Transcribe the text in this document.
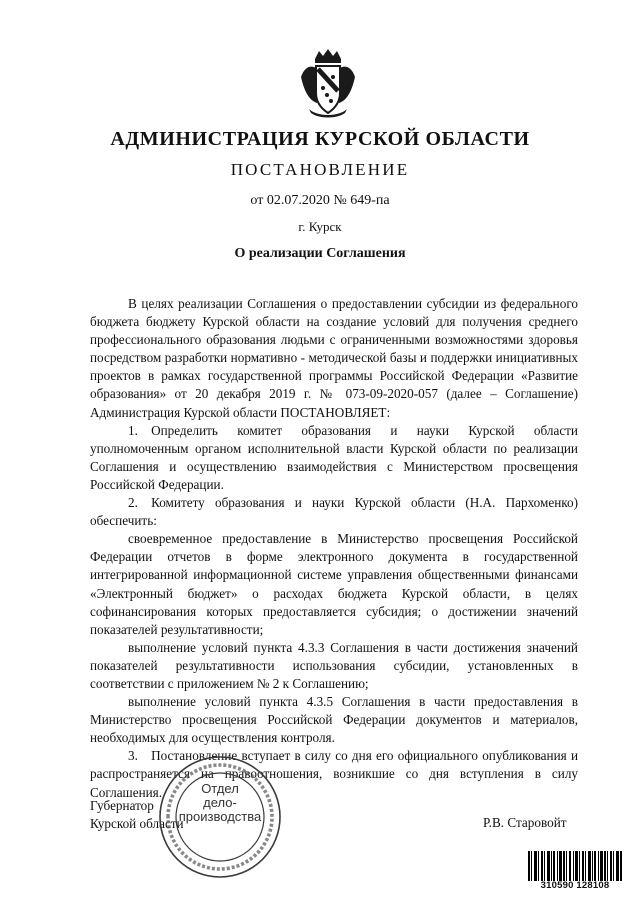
АДМИНИСТРАЦИЯ КУРСКОЙ ОБЛАСТИ
ПОСТАНОВЛЕНИЕ
от 02.07.2020 № 649-па
г. Курск
О реализации Соглашения

В целях реализации Соглашения о предоставлении субсидии из федерального бюджета бюджету Курской области на создание условий для получения среднего профессионального образования людьми с ограниченными возможностями здоровья посредством разработки нормативно - методической базы и поддержки инициативных проектов в рамках государственной программы Российской Федерации «Развитие образования» от 20 декабря 2019 г. № 073-09-2020-057 (далее – Соглашение) Администрация Курской области ПОСТАНОВЛЯЕТ:

1. Определить комитет образования и науки Курской области уполномоченным органом исполнительной власти Курской области по реализации Соглашения и осуществлению взаимодействия с Министерством просвещения Российской Федерации.

2. Комитету образования и науки Курской области (Н.А. Пархоменко) обеспечить:

своевременное предоставление в Министерство просвещения Российской Федерации отчетов в форме электронного документа в государственной интегрированной информационной системе управления общественными финансами «Электронный бюджет» о расходах бюджета Курской области, в целях софинансирования которых предоставляется субсидия; о достижении значений показателей результативности;

выполнение условий пункта 4.3.3 Соглашения в части достижения значений показателей результативности использования субсидии, установленных в соответствии с приложением № 2 к Соглашению;

выполнение условий пункта 4.3.5 Соглашения в части предоставления в Министерство просвещения Российской Федерации документов и материалов, необходимых для осуществления контроля.

3. Постановление вступает в силу со дня его официального опубликования и распространяется на правоотношения, возникшие со дня вступления в силу Соглашения.

Губернатор
Курской области	Р.В. Старовойт
Отдел
дело-
производства
310590 128108
